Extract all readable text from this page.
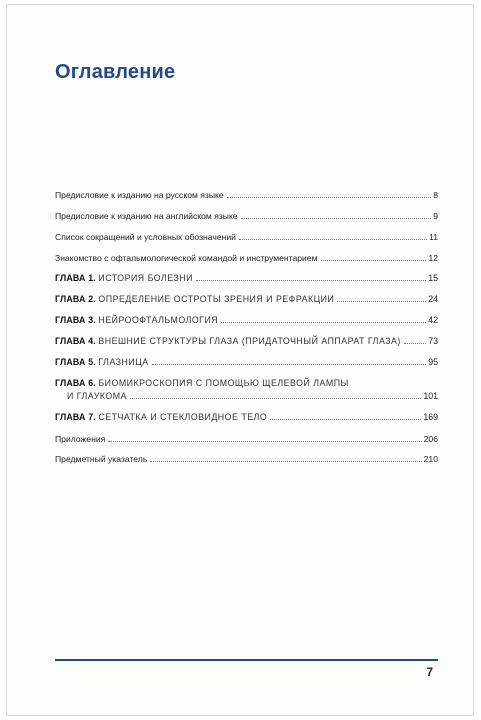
Оглавление
Предисловие к изданию на русском языке	8
Предисловие к изданию на английском языке	9
Список сокращений и условных обозначений	11
Знакомство с офтальмологической командой и инструментарием	12
ГЛАВА 1. ИСТОРИЯ БОЛЕЗНИ	15
ГЛАВА 2. ОПРЕДЕЛЕНИЕ ОСТРОТЫ ЗРЕНИЯ И РЕФРАКЦИИ	24
ГЛАВА 3. НЕЙРООФТАЛЬМОЛОГИЯ	42
ГЛАВА 4. ВНЕШНИЕ СТРУКТУРЫ ГЛАЗА (ПРИДАТОЧНЫЙ АППАРАТ ГЛАЗА)	73
ГЛАВА 5. ГЛАЗНИЦА	95
ГЛАВА 6. БИОМИКРОСКОПИЯ С ПОМОЩЬЮ ЩЕЛЕВОЙ ЛАМПЫ
И ГЛАУКОМА	101
ГЛАВА 7. СЕТЧАТКА И СТЕКЛОВИДНОЕ ТЕЛО	169
Приложения	206
Предметный указатель	210
7
